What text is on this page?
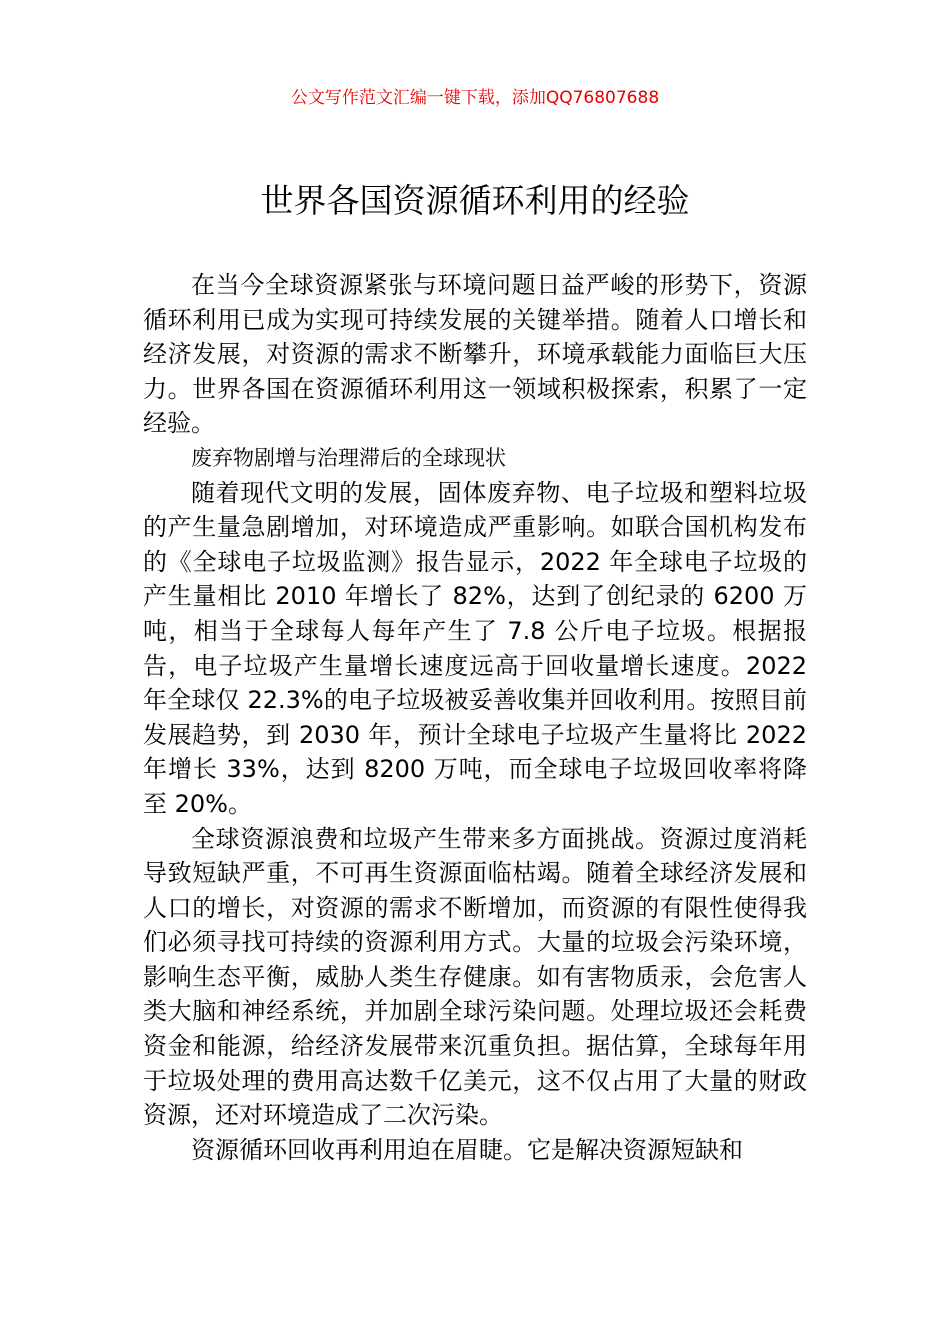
公文写作范文汇编一键下载，添加QQ76807688
世界各国资源循环利用的经验

在当今全球资源紧张与环境问题日益严峻的形势下，资源循环利用已成为实现可持续发展的关键举措。随着人口增长和经济发展，对资源的需求不断攀升，环境承载能力面临巨大压力。世界各国在资源循环利用这一领域积极探索，积累了一定经验。

废弃物剧增与治理滞后的全球现状

随着现代文明的发展，固体废弃物、电子垃圾和塑料垃圾的产生量急剧增加，对环境造成严重影响。如联合国机构发布的《全球电子垃圾监测》报告显示，2022 年全球电子垃圾的产生量相比 2010 年增长了 82%，达到了创纪录的 6200 万吨，相当于全球每人每年产生了 7.8 公斤电子垃圾。根据报告，电子垃圾产生量增长速度远高于回收量增长速度。2022 年全球仅 22.3%的电子垃圾被妥善收集并回收利用。按照目前发展趋势，到 2030 年，预计全球电子垃圾产生量将比 2022 年增长 33%，达到 8200 万吨，而全球电子垃圾回收率将降至 20%。

全球资源浪费和垃圾产生带来多方面挑战。资源过度消耗导致短缺严重，不可再生资源面临枯竭。随着全球经济发展和人口的增长，对资源的需求不断增加，而资源的有限性使得我们必须寻找可持续的资源利用方式。大量的垃圾会污染环境，影响生态平衡，威胁人类生存健康。如有害物质汞，会危害人类大脑和神经系统，并加剧全球污染问题。处理垃圾还会耗费资金和能源，给经济发展带来沉重负担。据估算，全球每年用于垃圾处理的费用高达数千亿美元，这不仅占用了大量的财政资源，还对环境造成了二次污染。

资源循环回收再利用迫在眉睫。它是解决资源短缺和
